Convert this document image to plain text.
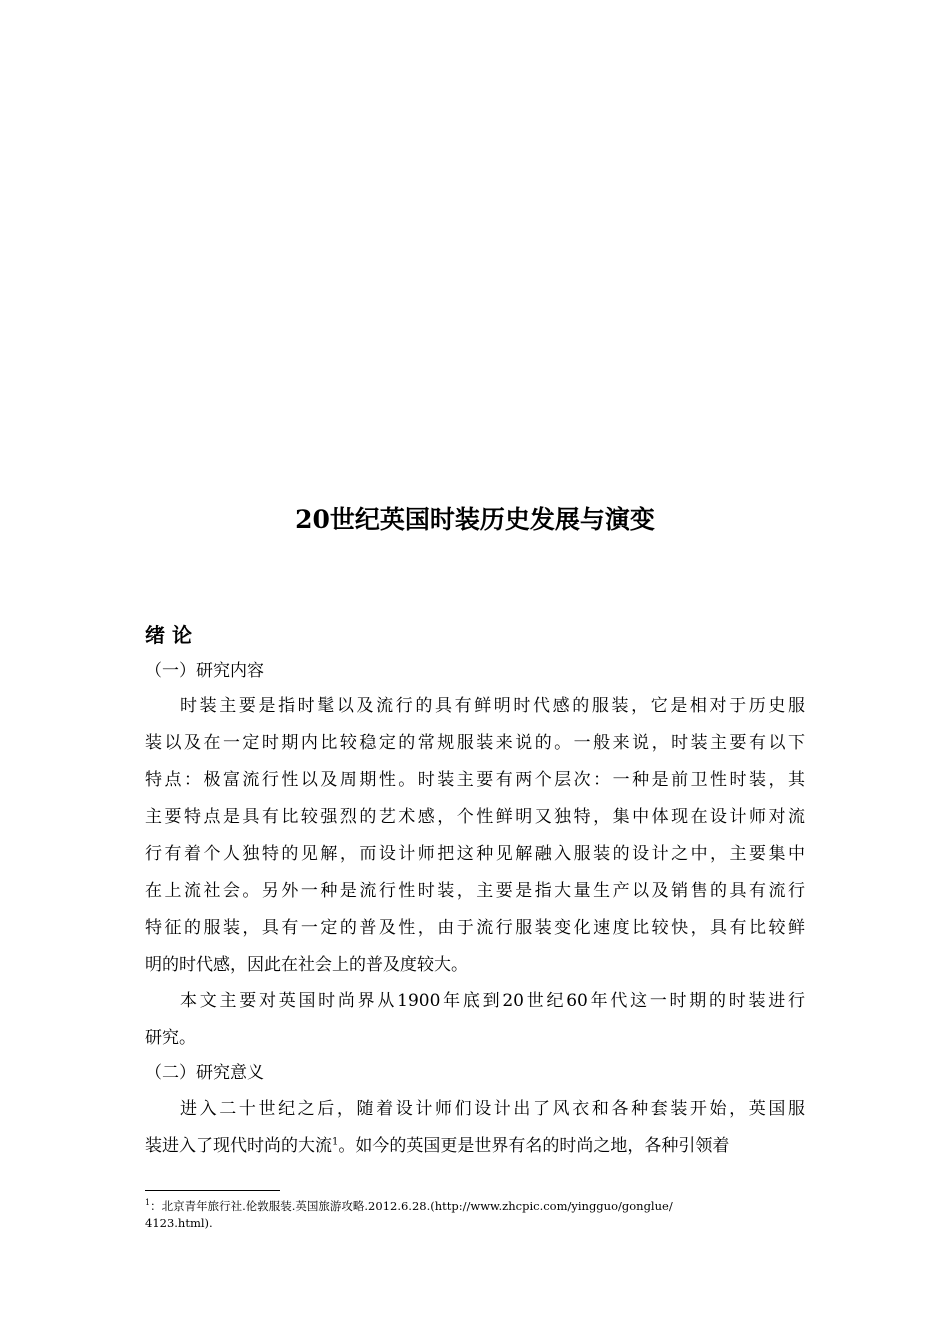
20世纪英国时装历史发展与演变
绪 论
（一）研究内容
时装主要是指时髦以及流行的具有鲜明时代感的服装，它是相对于历史服
装以及在一定时期内比较稳定的常规服装来说的。一般来说，时装主要有以下
特点：极富流行性以及周期性。时装主要有两个层次：一种是前卫性时装，其
主要特点是具有比较强烈的艺术感，个性鲜明又独特，集中体现在设计师对流
行有着个人独特的见解，而设计师把这种见解融入服装的设计之中，主要集中
在上流社会。另外一种是流行性时装，主要是指大量生产以及销售的具有流行
特征的服装，具有一定的普及性，由于流行服装变化速度比较快，具有比较鲜
明的时代感，因此在社会上的普及度较大。
本文主要对英国时尚界从1900年底到20世纪60年代这一时期的时装进行
研究。
（二）研究意义
进入二十世纪之后，随着设计师们设计出了风衣和各种套装开始，英国服
装进入了现代时尚的大流$^1$。如今的英国更是世界有名的时尚之地，各种引领着
$^1$：北京青年旅行社.伦敦服装.英国旅游攻略.2012.6.28.(http://www.zhcpic.com/yingguo/gonglue/
4123.html).
